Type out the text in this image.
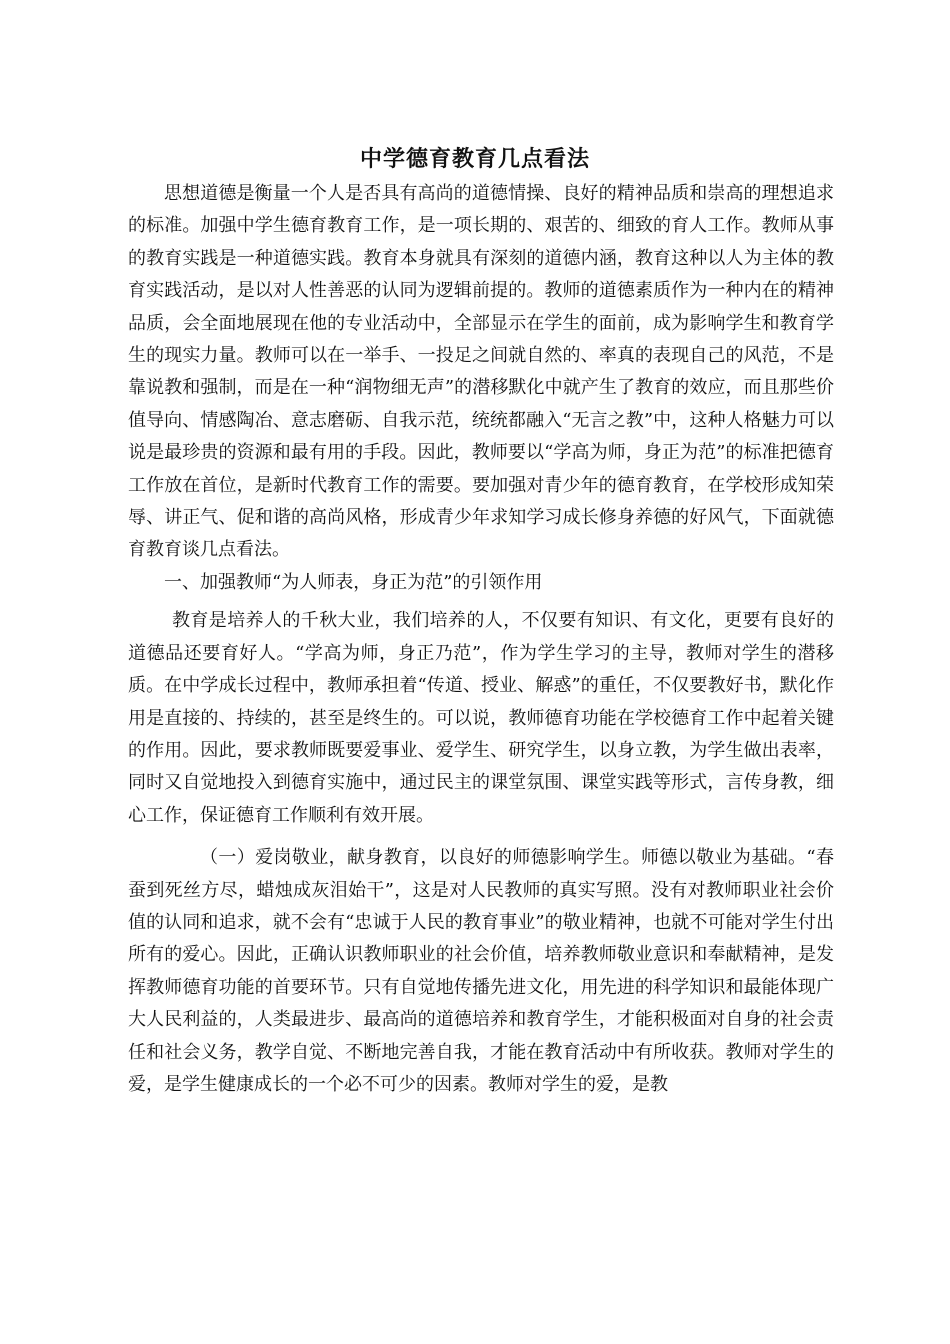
中学德育教育几点看法

思想道德是衡量一个人是否具有高尚的道德情操、良好的精神品质和崇高的理想追求的标准。加强中学生德育教育工作，是一项长期的、艰苦的、细致的育人工作。教师从事的教育实践是一种道德实践。教育本身就具有深刻的道德内涵，教育这种以人为主体的教育实践活动，是以对人性善恶的认同为逻辑前提的。教师的道德素质作为一种内在的精神品质，会全面地展现在他的专业活动中，全部显示在学生的面前，成为影响学生和教育学生的现实力量。教师可以在一举手、一投足之间就自然的、率真的表现自己的风范，不是靠说教和强制，而是在一种“润物细无声”的潜移默化中就产生了教育的效应，而且那些价值导向、情感陶冶、意志磨砺、自我示范，统统都融入“无言之教”中，这种人格魅力可以说是最珍贵的资源和最有用的手段。因此，教师要以“学高为师，身正为范”的标准把德育工作放在首位，是新时代教育工作的需要。要加强对青少年的德育教育，在学校形成知荣辱、讲正气、促和谐的高尚风格，形成青少年求知学习成长修身养德的好风气，下面就德育教育谈几点看法。

一、加强教师“为人师表，身正为范”的引领作用

教育是培养人的千秋大业，我们培养的人，不仅要有知识、有文化，更要有良好的道德品还要育好人。“学高为师，身正乃范”，作为学生学习的主导，教师对学生的潜移质。在中学成长过程中，教师承担着“传道、授业、解惑”的重任，不仅要教好书，默化作用是直接的、持续的，甚至是终生的。可以说，教师德育功能在学校德育工作中起着关键的作用。因此，要求教师既要爱事业、爱学生、研究学生，以身立教，为学生做出表率，同时又自觉地投入到德育实施中，通过民主的课堂氛围、课堂实践等形式，言传身教，细心工作，保证德育工作顺利有效开展。

（一）爱岗敬业，献身教育，以良好的师德影响学生。师德以敬业为基础。“春蚕到死丝方尽，蜡烛成灰泪始干”，这是对人民教师的真实写照。没有对教师职业社会价值的认同和追求，就不会有“忠诚于人民的教育事业”的敬业精神，也就不可能对学生付出所有的爱心。因此，正确认识教师职业的社会价值，培养教师敬业意识和奉献精神，是发挥教师德育功能的首要环节。只有自觉地传播先进文化，用先进的科学知识和最能体现广大人民利益的，人类最进步、最高尚的道德培养和教育学生，才能积极面对自身的社会责任和社会义务，教学自觉、不断地完善自我，才能在教育活动中有所收获。教师对学生的爱，是学生健康成长的一个必不可少的因素。教师对学生的爱，是教
